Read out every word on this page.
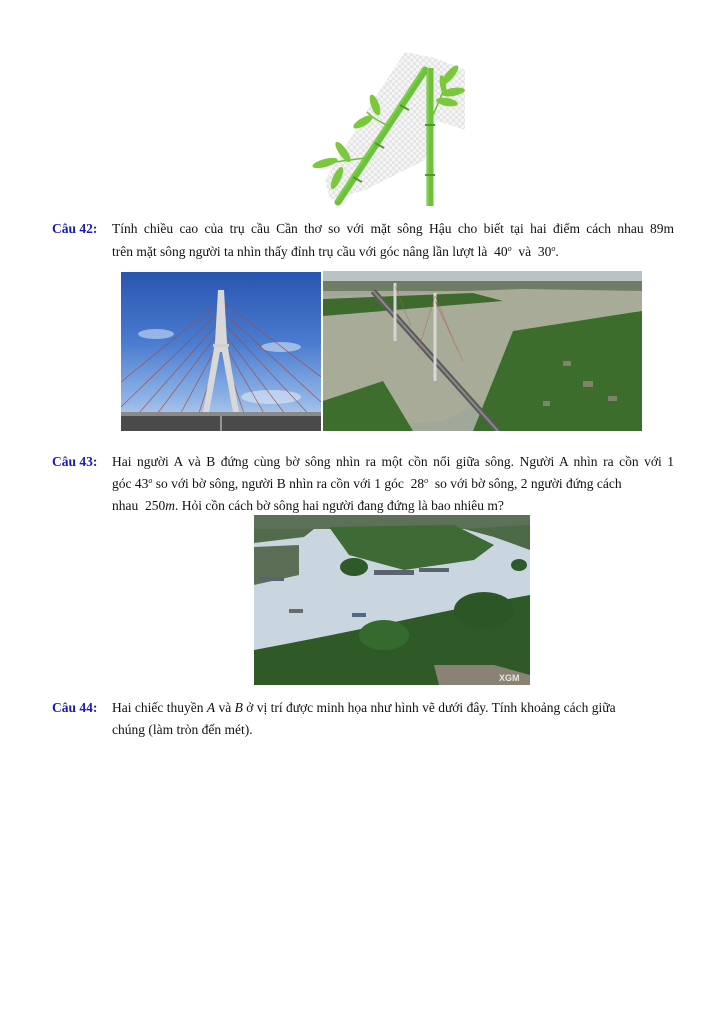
Câu 42: Tính chiều cao của trụ cầu Cần thơ so với mặt sông Hậu cho biết tại hai điểm cách nhau 89m
trên mặt sông người ta nhìn thấy đỉnh trụ cầu với góc nâng lần lượt là 40$^o$ và 30$^o$.
Câu 43: Hai người A và B đứng cùng bờ sông nhìn ra một cồn nổi giữa sông. Người A nhìn ra cồn với 1
góc 43$^o$ so với bờ sông, người B nhìn ra cồn với 1 góc 28$^o$ so với bờ sông, 2 người đứng cách
nhau 250m. Hỏi cồn cách bờ sông hai người đang đứng là bao nhiêu m?
XGM
Câu 44: Hai chiếc thuyền A và B ở vị trí được minh họa như hình vẽ dưới đây. Tính khoảng cách giữa
chúng (làm tròn đến mét).
